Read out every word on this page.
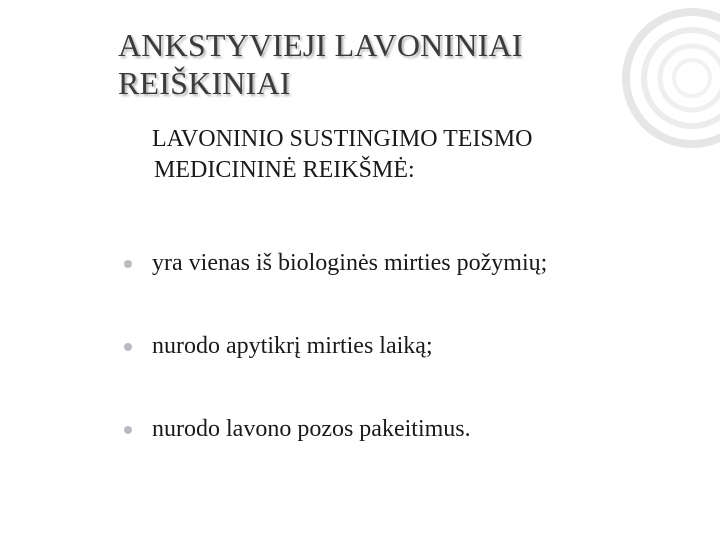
ANKSTYVIEJI LAVONINIAI
REIŠKINIAI
LAVONINIO SUSTINGIMO TEISMO
MEDICININĖ REIKŠMĖ:
yra vienas iš biologinės mirties požymių;
nurodo apytikrį mirties laiką;
nurodo lavono pozos pakeitimus.
